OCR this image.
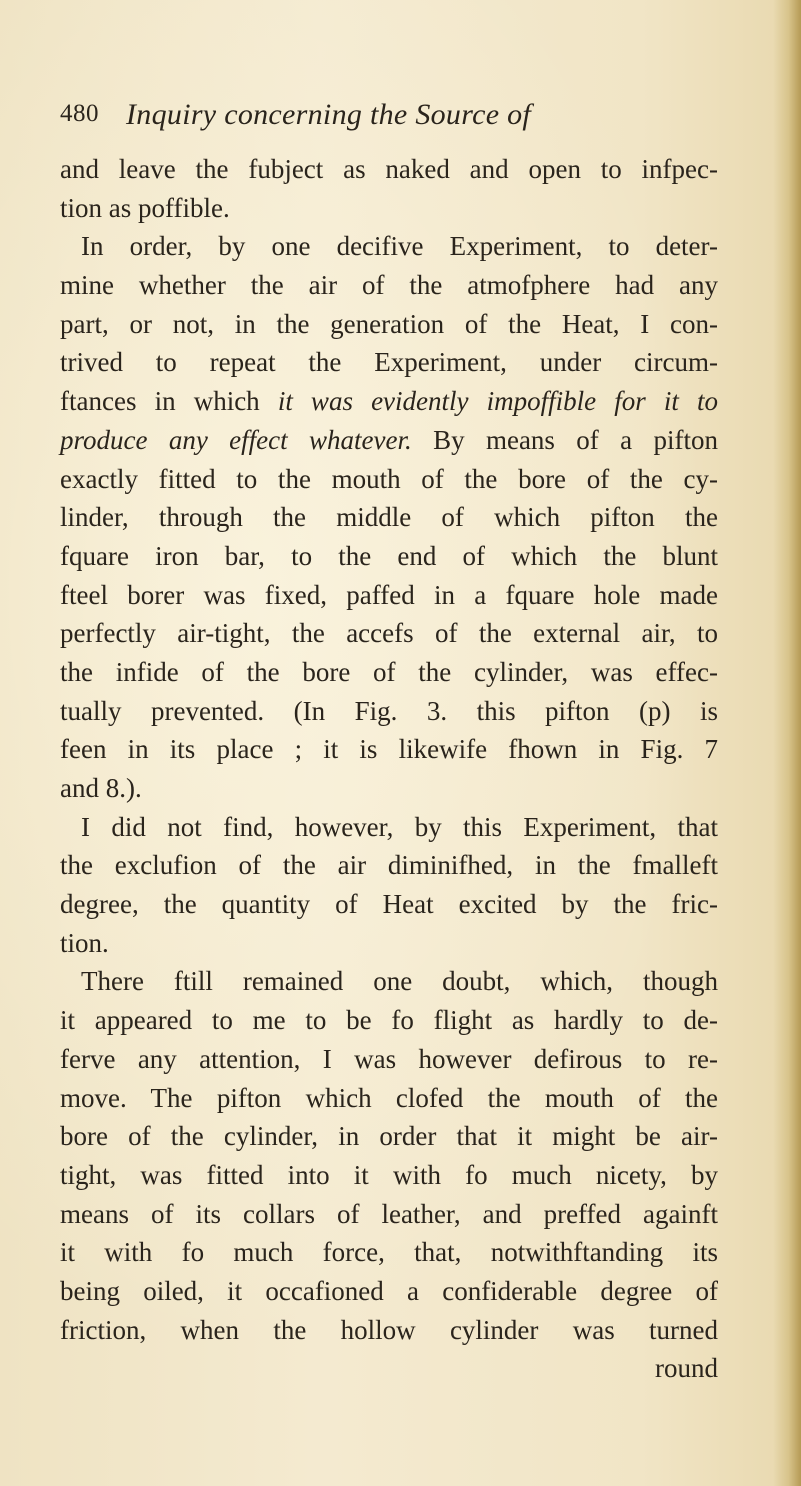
480 Inquiry concerning the Source of
and leave the fubject as naked and open to infpec-
tion as poffible.
In order, by one decifive Experiment, to deter-
mine whether the air of the atmofphere had any
part, or not, in the generation of the Heat, I con-
trived to repeat the Experiment, under circum-
ftances in which it was evidently impoffible for it to
produce any effect whatever. By means of a pifton
exactly fitted to the mouth of the bore of the cy-
linder, through the middle of which pifton the
fquare iron bar, to the end of which the blunt
fteel borer was fixed, paffed in a fquare hole made
perfectly air-tight, the accefs of the external air, to
the infide of the bore of the cylinder, was effec-
tually prevented. (In Fig. 3. this pifton (p) is
feen in its place ; it is likewife fhown in Fig. 7
and 8.).
I did not find, however, by this Experiment, that
the exclufion of the air diminifhed, in the fmalleft
degree, the quantity of Heat excited by the fric-
tion.
There ftill remained one doubt, which, though
it appeared to me to be fo flight as hardly to de-
ferve any attention, I was however defirous to re-
move. The pifton which clofed the mouth of the
bore of the cylinder, in order that it might be air-
tight, was fitted into it with fo much nicety, by
means of its collars of leather, and preffed againft
it with fo much force, that, notwithftanding its
being oiled, it occafioned a confiderable degree of
friction, when the hollow cylinder was turned
round
